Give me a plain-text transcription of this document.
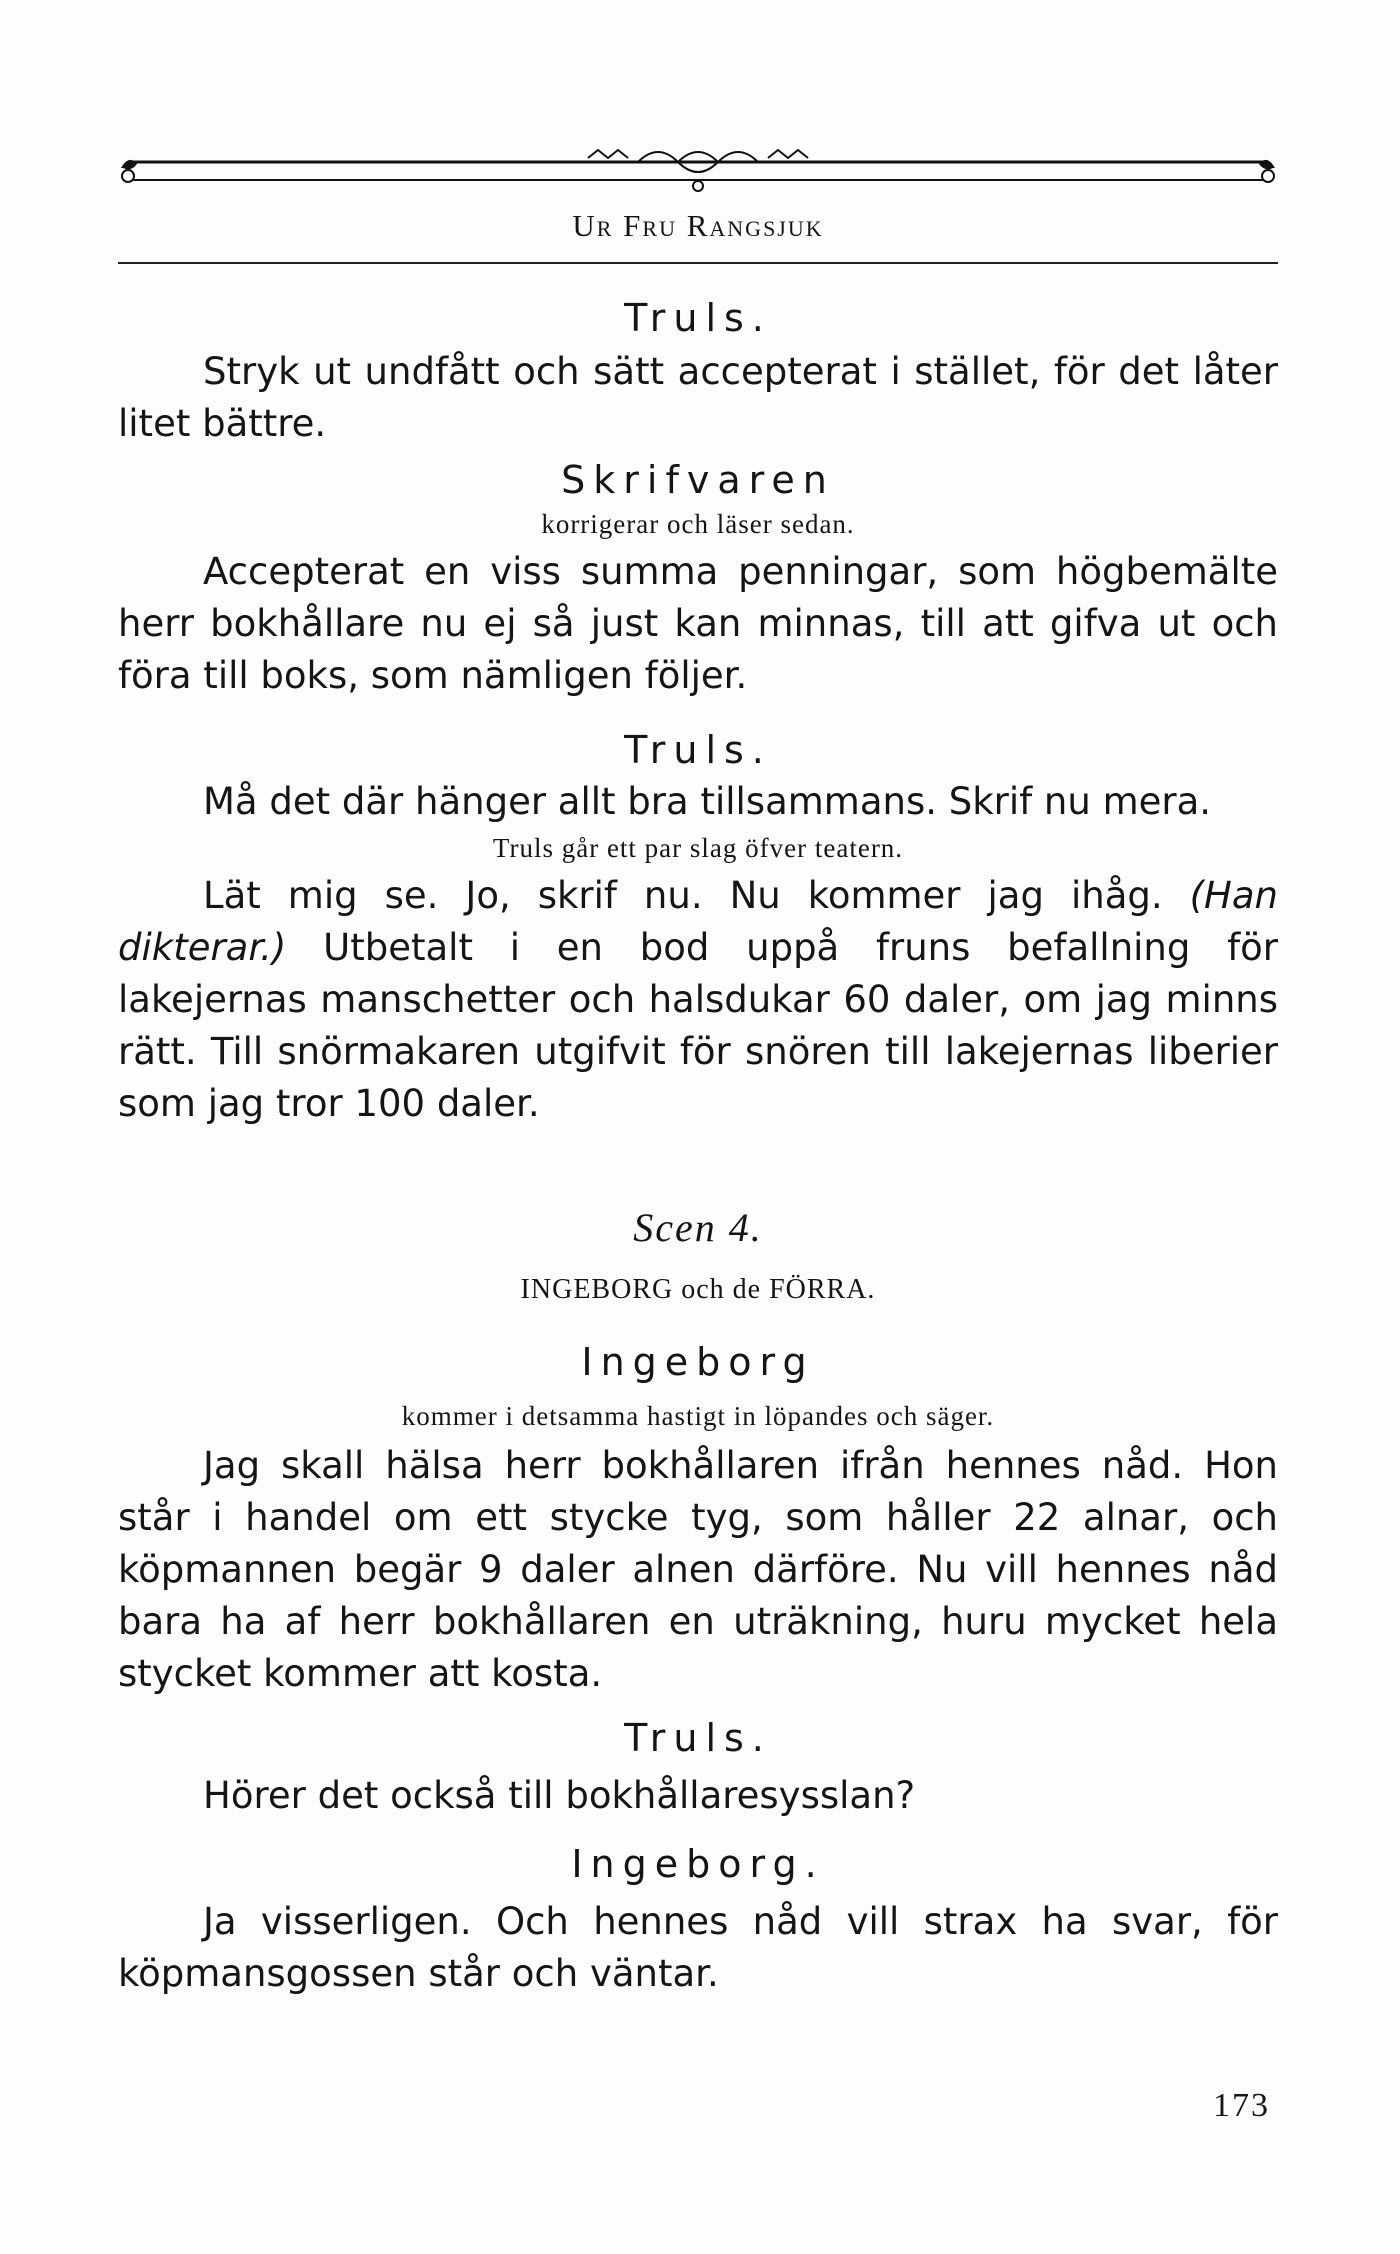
Ur Fru Rangsjuk
Truls.
Stryk ut undfått och sätt accepterat i stället, för det låter litet bättre.
Skrifvaren
korrigerar och läser sedan.
Accepterat en viss summa penningar, som högbemälte herr bokhållare nu ej så just kan minnas, till att gifva ut och föra till boks, som nämligen följer.
Truls.
Må det där hänger allt bra tillsammans. Skrif nu mera.
Truls går ett par slag öfver teatern.
Lät mig se. Jo, skrif nu. Nu kommer jag ihåg. (Han dikterar.) Utbetalt i en bod uppå fruns befallning för lakejernas manschetter och halsdukar 60 daler, om jag minns rätt. Till snörmakaren utgifvit för snören till lakejernas liberier som jag tror 100 daler.
Scen 4.
INGEBORG och de FÖRRA.
Ingeborg
kommer i detsamma hastigt in löpandes och säger.
Jag skall hälsa herr bokhållaren ifrån hennes nåd. Hon står i handel om ett stycke tyg, som håller 22 alnar, och köpmannen begär 9 daler alnen därföre. Nu vill hennes nåd bara ha af herr bokhållaren en uträkning, huru mycket hela stycket kommer att kosta.
Truls.
Hörer det också till bokhållaresysslan?
Ingeborg.
Ja visserligen. Och hennes nåd vill strax ha svar, för köpmansgossen står och väntar.
173
